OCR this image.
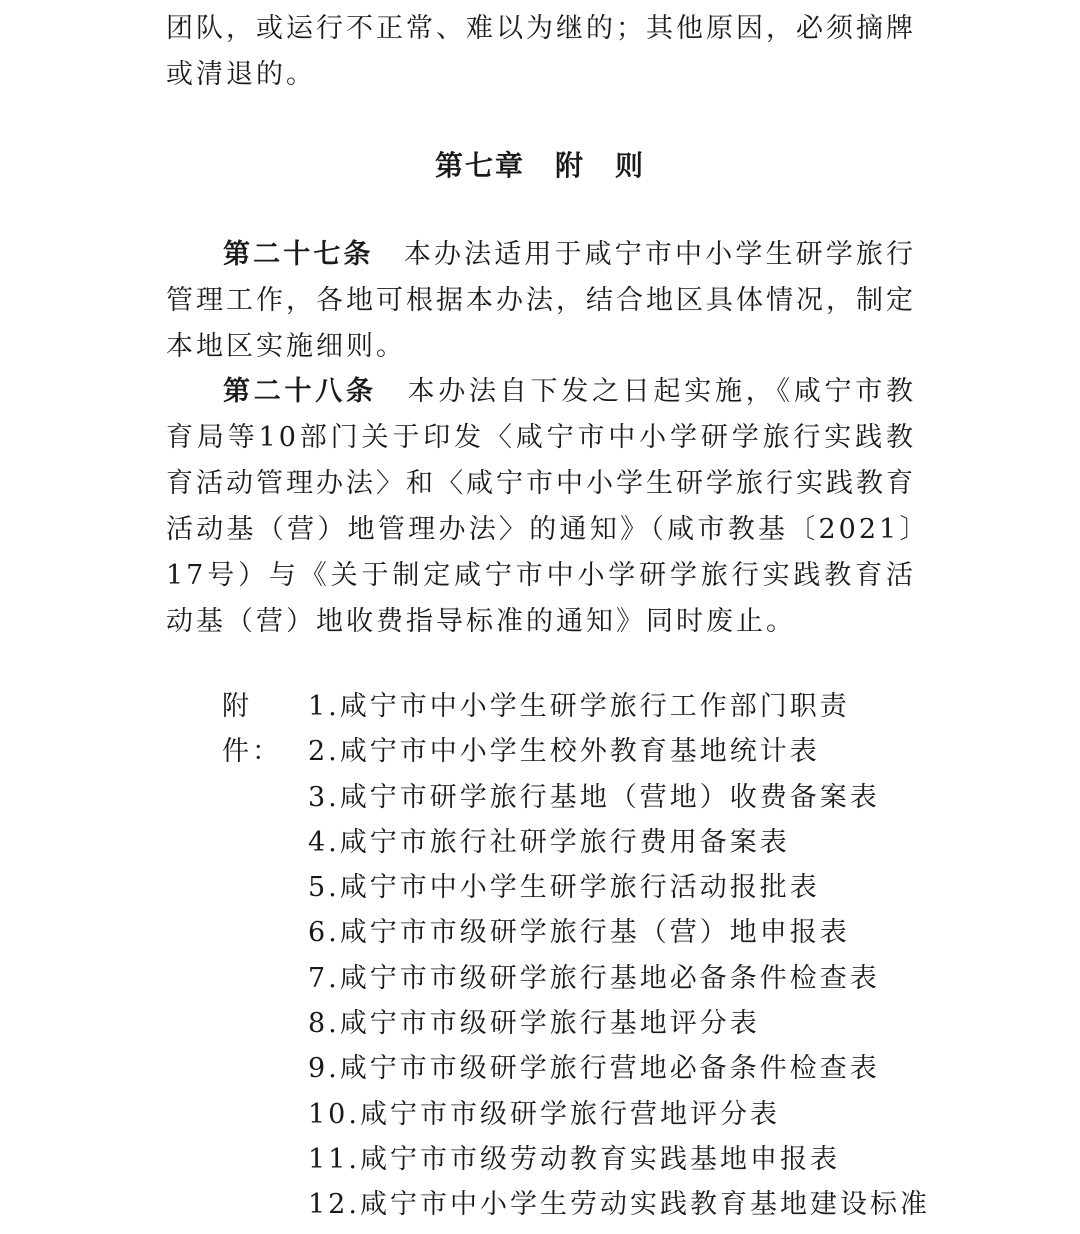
团队，或运行不正常、难以为继的；其他原因，必须摘牌或清退的。

第七章　附　则

第二十七条　 本办法适用于咸宁市中小学生研学旅行管理工作，各地可根据本办法，结合地区具体情况，制定本地区实施细则。

第二十八条　 本办法自下发之日起实施，《咸宁市教育局等10部门关于印发〈咸宁市中小学研学旅行实践教育活动管理办法〉和〈咸宁市中小学生研学旅行实践教育活动基（营）地管理办法〉的通知》（咸市教基〔2021〕17号）与《关于制定咸宁市中小学研学旅行实践教育活动基（营）地收费指导标准的通知》同时废止。

附件：
1.咸宁市中小学生研学旅行工作部门职责
2.咸宁市中小学生校外教育基地统计表
3.咸宁市研学旅行基地（营地）收费备案表
4.咸宁市旅行社研学旅行费用备案表
5.咸宁市中小学生研学旅行活动报批表
6.咸宁市市级研学旅行基（营）地申报表
7.咸宁市市级研学旅行基地必备条件检查表
8.咸宁市市级研学旅行基地评分表
9.咸宁市市级研学旅行营地必备条件检查表
10.咸宁市市级研学旅行营地评分表
11.咸宁市市级劳动教育实践基地申报表
12.咸宁市中小学生劳动实践教育基地建设标准
